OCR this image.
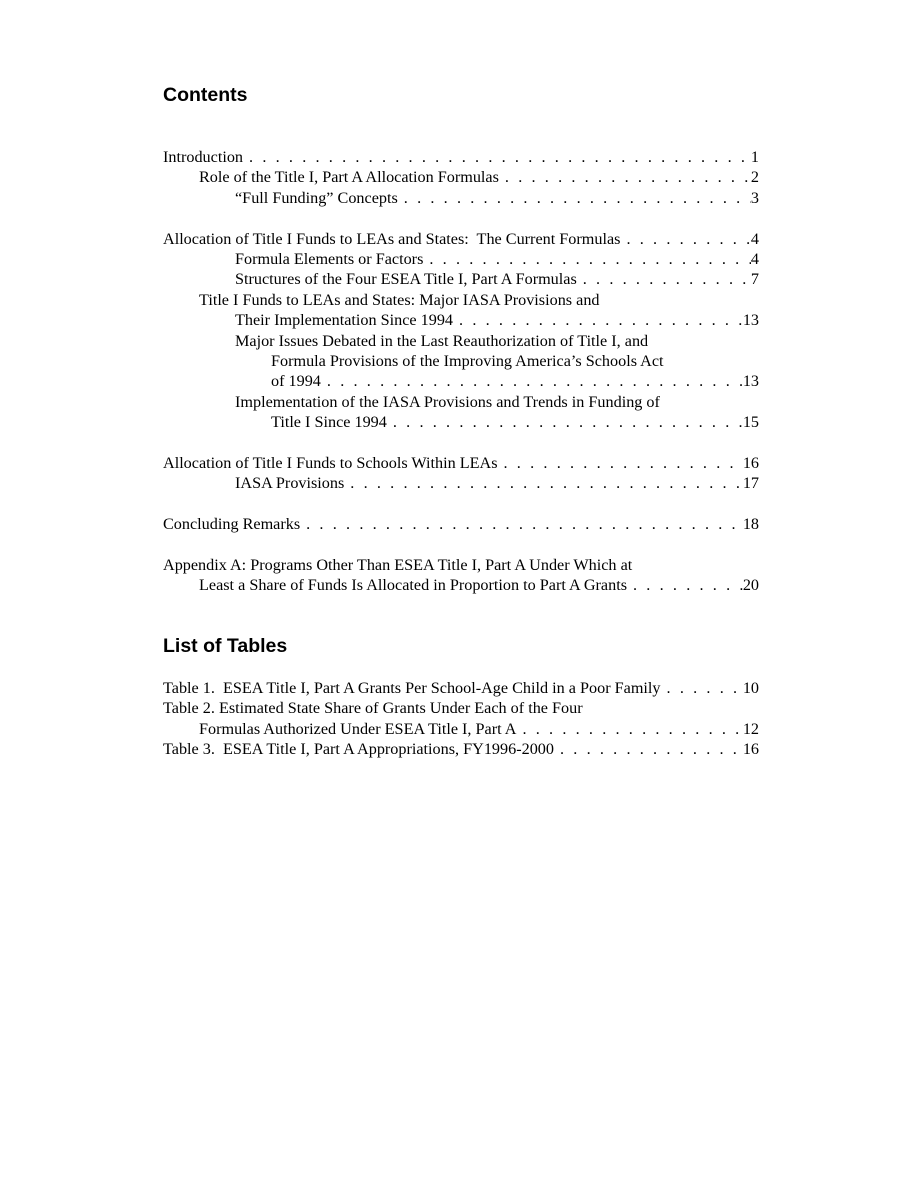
Contents
Introduction . . .	1
Role of the Title I, Part A Allocation Formulas . . .	2
“Full Funding” Concepts . . .	3
Allocation of Title I Funds to LEAs and States:  The Current Formulas . . .	4
Formula Elements or Factors . . .	4
Structures of the Four ESEA Title I, Part A Formulas . . .	7
Title I Funds to LEAs and States: Major IASA Provisions and
Their Implementation Since 1994 . . .	13
Major Issues Debated in the Last Reauthorization of Title I, and
Formula Provisions of the Improving America’s Schools Act
of 1994 . . .	13
Implementation of the IASA Provisions and Trends in Funding of
Title I Since 1994 . . .	15
Allocation of Title I Funds to Schools Within LEAs . . .	16
IASA Provisions . . .	17
Concluding Remarks . . .	18
Appendix A: Programs Other Than ESEA Title I, Part A Under Which at
Least a Share of Funds Is Allocated in Proportion to Part A Grants . . .	20
List of Tables
Table 1.  ESEA Title I, Part A Grants Per School-Age Child in a Poor Family . . .	10
Table 2. Estimated State Share of Grants Under Each of the Four
Formulas Authorized Under ESEA Title I, Part A . . .	12
Table 3.  ESEA Title I, Part A Appropriations, FY1996-2000 . . .	16
